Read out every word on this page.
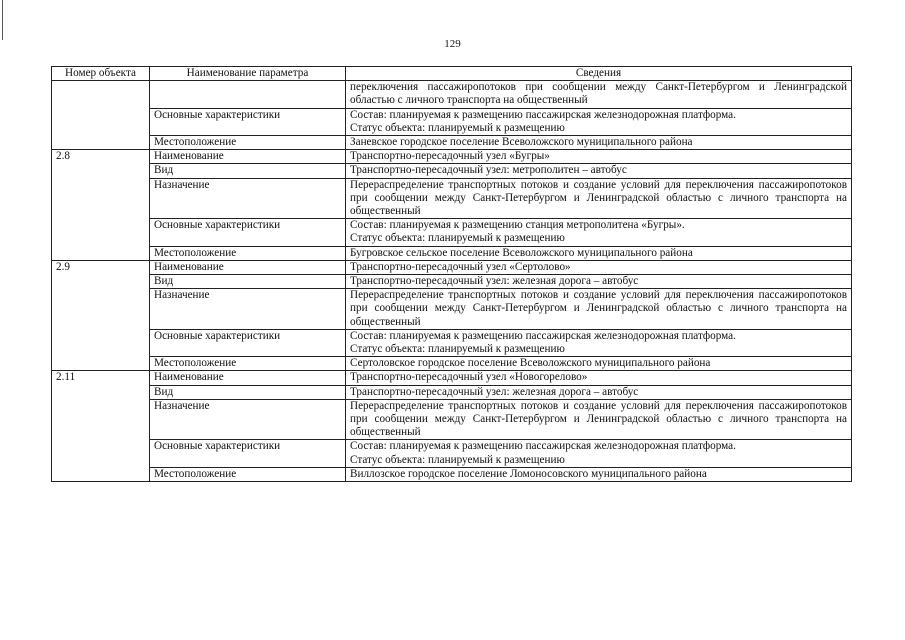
129
Номер объекта	Наименование параметра	Сведения
		переключения пассажиропотоков при сообщении между Санкт-Петербургом и Ленинградской областью с личного транспорта на общественный
	Основные характеристики	Состав: планируемая к размещению пассажирская железнодорожная платформа.
Статус объекта: планируемый к размещению

	Местоположение	Заневское городское поселение Всеволожского муниципального района
2.8	Наименование	Транспортно-пересадочный узел «Бугры»
	Вид	Транспортно-пересадочный узел: метрополитен – автобус
	Назначение	Перераспределение транспортных потоков и создание условий для переключения пассажиропотоков при сообщении между Санкт-Петербургом и Ленинградской областью с личного транспорта на общественный
	Основные характеристики	Состав: планируемая к размещению станция метрополитена «Бугры».
Статус объекта: планируемый к размещению

	Местоположение	Бугровское сельское поселение Всеволожского муниципального района
2.9	Наименование	Транспортно-пересадочный узел «Сертолово»
	Вид	Транспортно-пересадочный узел: железная дорога – автобус
	Назначение	Перераспределение транспортных потоков и создание условий для переключения пассажиропотоков при сообщении между Санкт-Петербургом и Ленинградской областью с личного транспорта на общественный
	Основные характеристики	Состав: планируемая к размещению пассажирская железнодорожная платформа.
Статус объекта: планируемый к размещению

	Местоположение	Сертоловское городское поселение Всеволожского муниципального района
2.11	Наименование	Транспортно-пересадочный узел «Новогорелово»
	Вид	Транспортно-пересадочный узел: железная дорога – автобус
	Назначение	Перераспределение транспортных потоков и создание условий для переключения пассажиропотоков при сообщении между Санкт-Петербургом и Ленинградской областью с личного транспорта на общественный
	Основные характеристики	Состав: планируемая к размещению пассажирская железнодорожная платформа.
Статус объекта: планируемый к размещению

	Местоположение	Виллозское городское поселение Ломоносовского муниципального района
